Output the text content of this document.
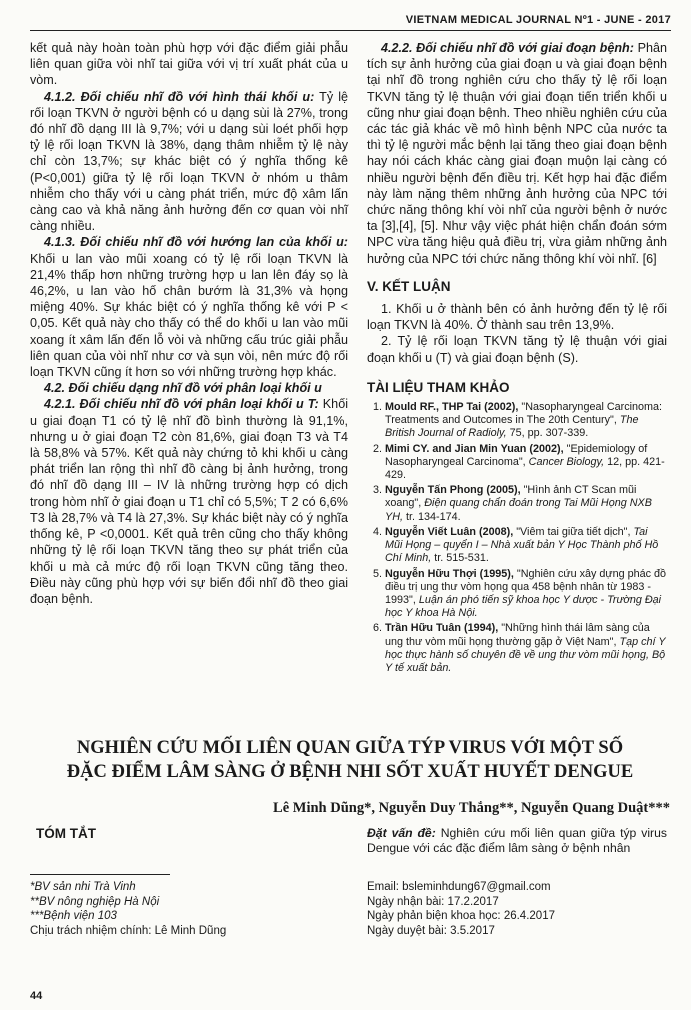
VIETNAM MEDICAL JOURNAL Nº1 - JUNE - 2017

kết quả này hoàn toàn phù hợp với đặc điểm giải phẫu liên quan giữa vòi nhĩ tai giữa với vị trí xuất phát của u vòm.

4.1.2. Đối chiếu nhĩ đồ với hình thái khối u: Tỷ lệ rối loạn TKVN ở người bệnh có u dạng sùi là 27%, trong đó nhĩ đồ dạng III là 9,7%; với u dạng sùi loét phối hợp tỷ lệ rối loạn TKVN là 38%, dạng thâm nhiễm tỷ lệ này chỉ còn 13,7%; sự khác biệt có ý nghĩa thống kê (P<0,001) giữa tỷ lệ rối loạn TKVN ở nhóm u thâm nhiễm cho thấy với u càng phát triển, mức độ xâm lấn càng cao và khả năng ảnh hưởng đến cơ quan vòi nhĩ càng nhiều.

4.1.3. Đối chiếu nhĩ đồ với hướng lan của khối u: Khối u lan vào mũi xoang có tỷ lệ rối loạn TKVN là 21,4% thấp hơn những trường hợp u lan lên đáy sọ là 46,2%, u lan vào hố chân bướm là 31,3% và họng miệng 40%. Sự khác biệt có ý nghĩa thống kê với P < 0,05. Kết quả này cho thấy có thể do khối u lan vào mũi xoang ít xâm lấn đến lỗ vòi và những cấu trúc giải phẫu liên quan của vòi nhĩ như cơ và sụn vòi, nên mức độ rối loạn TKVN cũng ít hơn so với những trường hợp khác.

4.2. Đối chiếu dạng nhĩ đồ với phân loại khối u

4.2.1. Đối chiếu nhĩ đồ với phân loại khối u T: Khối u giai đoạn T1 có tỷ lệ nhĩ đồ bình thường là 91,1%, nhưng u ở giai đoạn T2 còn 81,6%, giai đoạn T3 và T4 là 58,8% và 57%. Kết quả này chứng tỏ khi khối u càng phát triển lan rộng thì nhĩ đồ càng bị ảnh hưởng, trong đó nhĩ đồ dạng III – IV là những trường hợp có dịch trong hòm nhĩ ở giai đoạn u T1 chỉ có 5,5%; T 2 có 6,6% T3 là 28,7% và T4 là 27,3%. Sự khác biệt này có ý nghĩa thống kê, P <0,0001. Kết quả trên cũng cho thấy không những tỷ lệ rối loạn TKVN tăng theo sự phát triển của khối u mà cả mức độ rối loạn TKVN cũng tăng theo. Điều này cũng phù hợp với sự biến đổi nhĩ đồ theo giai đoạn bệnh.

4.2.2. Đối chiếu nhĩ đồ với giai đoạn bệnh: Phân tích sự ảnh hưởng của giai đoạn u và giai đoạn bệnh tại nhĩ đồ trong nghiên cứu cho thấy tỷ lệ rối loạn TKVN tăng tỷ lệ thuận với giai đoạn tiến triển khối u cũng như giai đoạn bệnh. Theo nhiều nghiên cứu của các tác giả khác về mô hình bệnh NPC của nước ta thì tỷ lệ người mắc bệnh lại tăng theo giai đoạn bệnh hay nói cách khác càng giai đoạn muộn lại càng có nhiều người bệnh đến điều trị. Kết hợp hai đặc điểm này làm nặng thêm những ảnh hưởng của NPC tới chức năng thông khí vòi nhĩ của người bệnh ở nước ta [3],[4], [5]. Như vậy việc phát hiện chẩn đoán sớm NPC vừa tăng hiệu quả điều trị, vừa giảm những ảnh hưởng của NPC tới chức năng thông khí vòi nhĩ. [6]

V. KẾT LUẬN

1. Khối u ở thành bên có ảnh hưởng đến tỷ lệ rối loạn TKVN là 40%. Ở thành sau trên 13,9%.

2. Tỷ lệ rối loạn TKVN tăng tỷ lệ thuận với giai đoạn khối u (T) và giai đoạn bệnh (S).

TÀI LIỆU THAM KHẢO
1. Mould RF., THP Tai (2002), "Nasopharyngeal Carcinoma: Treatments and Outcomes in The 20th Century", The British Journal of Radioly, 75, pp. 307-339.
2. Mimi CY. and Jian Min Yuan (2002), "Epidemiology of Nasopharyngeal Carcinoma", Cancer Biology, 12, pp. 421-429.
3. Nguyễn Tấn Phong (2005), "Hình ảnh CT Scan mũi xoang", Điện quang chẩn đoán trong Tai Mũi Họng NXB YH, tr. 134-174.
4. Nguyễn Viết Luân (2008), "Viêm tai giữa tiết dịch", Tai Mũi Họng – quyển I – Nhà xuất bản Y Học Thành phố Hồ Chí Minh, tr. 515-531.
5. Nguyễn Hữu Thợi (1995), "Nghiên cứu xây dựng phác đồ điều trị ung thư vòm họng qua 458 bệnh nhân từ 1983 - 1993", Luận án phó tiến sỹ khoa học Y dược - Trường Đại học Y khoa Hà Nội.
6. Trần Hữu Tuân (1994), "Những hình thái lâm sàng của ung thư vòm mũi họng thường gặp ở Việt Nam", Tạp chí Y học thực hành số chuyên đề về ung thư vòm mũi họng, Bộ Y tế xuất bản.
NGHIÊN CỨU MỐI LIÊN QUAN GIỮA TÝP VIRUS VỚI MỘT SỐ
ĐẶC ĐIỂM LÂM SÀNG Ở BỆNH NHI SỐT XUẤT HUYẾT DENGUE
Lê Minh Dũng*, Nguyễn Duy Thắng**, Nguyễn Quang Duật***
TÓM TẮT	Đặt vấn đề: Nghiên cứu mối liên quan giữa týp virus Dengue với các đặc điểm lâm sàng ở bệnh nhân
*BV sản nhi Trà Vinh
**BV nông nghiệp Hà Nội
***Bệnh viện 103
Chịu trách nhiệm chính: Lê Minh Dũng
Email: bsleminhdung67@gmail.com
Ngày nhận bài: 17.2.2017
Ngày phản biện khoa học: 26.4.2017
Ngày duyệt bài: 3.5.2017
44
